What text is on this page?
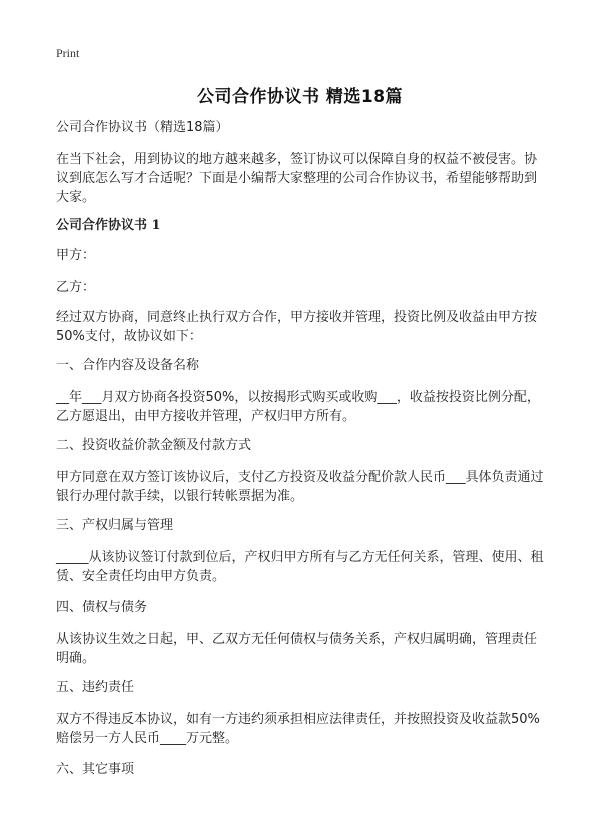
Print
公司合作协议书 精选18篇

公司合作协议书（精选18篇）

在当下社会，用到协议的地方越来越多，签订协议可以保障自身的权益不被侵害。协议到底怎么写才合适呢？下面是小编帮大家整理的公司合作协议书，希望能够帮助到大家。

公司合作协议书 1

甲方：

乙方：

经过双方协商，同意终止执行双方合作，甲方接收并管理，投资比例及收益由甲方按50%支付，故协议如下：

一、合作内容及设备名称

__年___月双方协商各投资50%，以按揭形式购买或收购___，收益按投资比例分配，乙方愿退出，由甲方接收并管理，产权归甲方所有。

二、投资收益价款金额及付款方式

甲方同意在双方签订该协议后，支付乙方投资及收益分配价款人民币___具体负责通过银行办理付款手续，以银行转帐票据为准。

三、产权归属与管理

_____从该协议签订付款到位后，产权归甲方所有与乙方无任何关系，管理、使用、租赁、安全责任均由甲方负责。

四、债权与债务

从该协议生效之日起，甲、乙双方无任何债权与债务关系，产权归属明确，管理责任明确。

五、违约责任

双方不得违反本协议，如有一方违约须承担相应法律责任，并按照投资及收益款50%赔偿另一方人民币____万元整。

六、其它事项
